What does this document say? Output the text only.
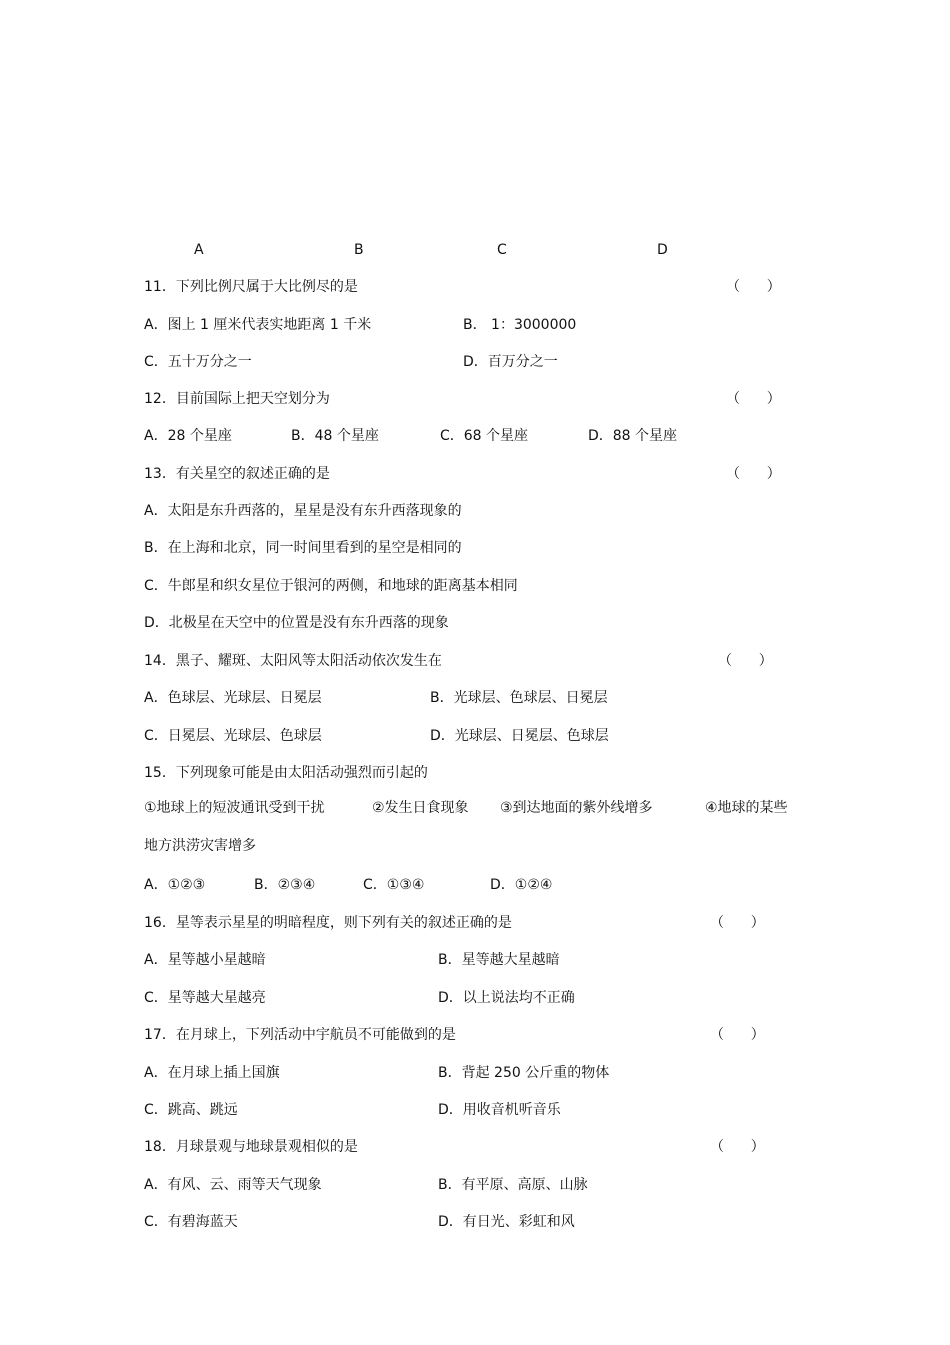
A	B	C	D
11．下列比例尺属于大比例尽的是	（      ）
A．图上 1 厘米代表实地距离 1 千米	B． 1：3000000
C．五十万分之一	D．百万分之一
12．目前国际上把天空划分为	（      ）
A．28 个星座	B．48 个星座	C．68 个星座	D．88 个星座
13．有关星空的叙述正确的是	（      ）
A．太阳是东升西落的，星星是没有东升西落现象的
B．在上海和北京，同一时间里看到的星空是相同的
C．牛郎星和织女星位于银河的两侧，和地球的距离基本相同
D．北极星在天空中的位置是没有东升西落的现象
14．黑子、耀斑、太阳风等太阳活动依次发生在	（      ）
A．色球层、光球层、日冕层	B．光球层、色球层、日冕层
C．日冕层、光球层、色球层	D．光球层、日冕层、色球层
15．下列现象可能是由太阳活动强烈而引起的
①地球上的短波通讯受到干扰	②发生日食现象 ③到达地面的紫外线增多	④地球的某些
地方洪涝灾害增多
A．①②③	B．②③④	C．①③④	D．①②④
16．星等表示星星的明暗程度，则下列有关的叙述正确的是	（      ）
A．星等越小星越暗	B．星等越大星越暗
C．星等越大星越亮	D．以上说法均不正确
17．在月球上，下列活动中宇航员不可能做到的是	（      ）
A．在月球上插上国旗	B．背起 250 公斤重的物体
C．跳高、跳远	D．用收音机听音乐
18．月球景观与地球景观相似的是	（      ）
A．有风、云、雨等天气现象	B．有平原、高原、山脉
C．有碧海蓝天	D．有日光、彩虹和风
